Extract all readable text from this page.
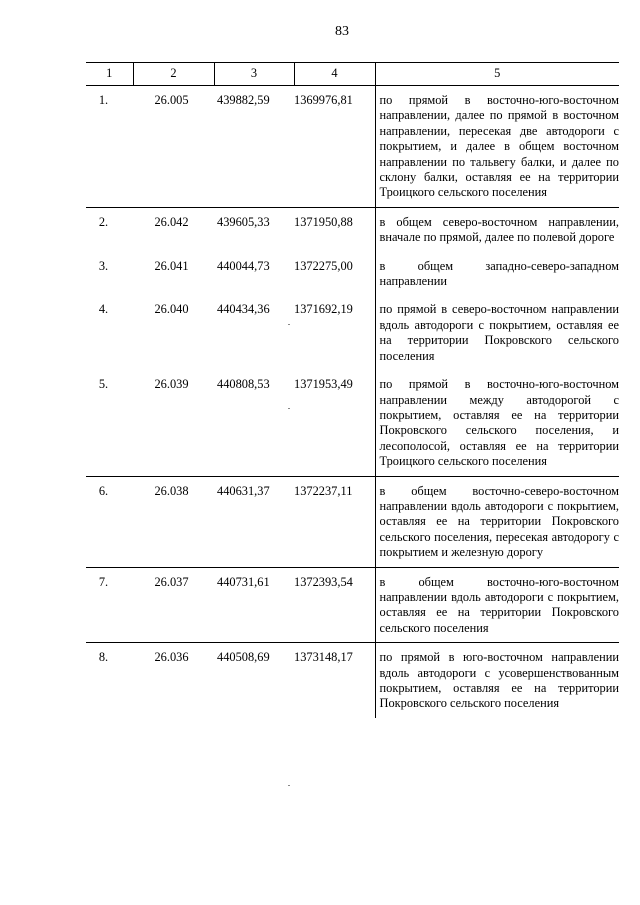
83
1	2	3	4	5
1.	26.005	439882,59	1369976,81	по прямой в восточно-юго-восточном направлении, далее по прямой в восточном направлении, пересекая две автодороги с покрытием, и далее в общем восточном направлении по тальвегу балки, и далее по склону балки, оставляя ее на территории Троицкого сельского поселения
2.	26.042	439605,33	1371950,88	в общем северо-восточном направлении, вначале по прямой, далее по полевой дороге
3.	26.041	440044,73	1372275,00	в общем западно-северо-западном направлении
4.	26.040	440434,36	1371692,19	по прямой в северо-восточном направлении вдоль автодороги с покрытием, оставляя ее на территории Покровского сельского поселения
5.	26.039	440808,53	1371953,49	по прямой в восточно-юго-восточном направлении между автодорогой с покрытием, оставляя ее на территории Покровского сельского поселения, и лесополосой, оставляя ее на территории Троицкого сельского поселения
6.	26.038	440631,37	1372237,11	в общем восточно-северо-восточном направлении вдоль автодороги с покрытием, оставляя ее на территории Покровского сельского поселения, пересекая автодорогу с покрытием и железную дорогу
7.	26.037	440731,61	1372393,54	в общем восточно-юго-восточном направлении вдоль автодороги с покрытием, оставляя ее на территории Покровского сельского поселения
8.	26.036	440508,69	1373148,17	по прямой в юго-восточном направлении вдоль автодороги с усовершенствованным покрытием, оставляя ее на территории Покровского сельского поселения
